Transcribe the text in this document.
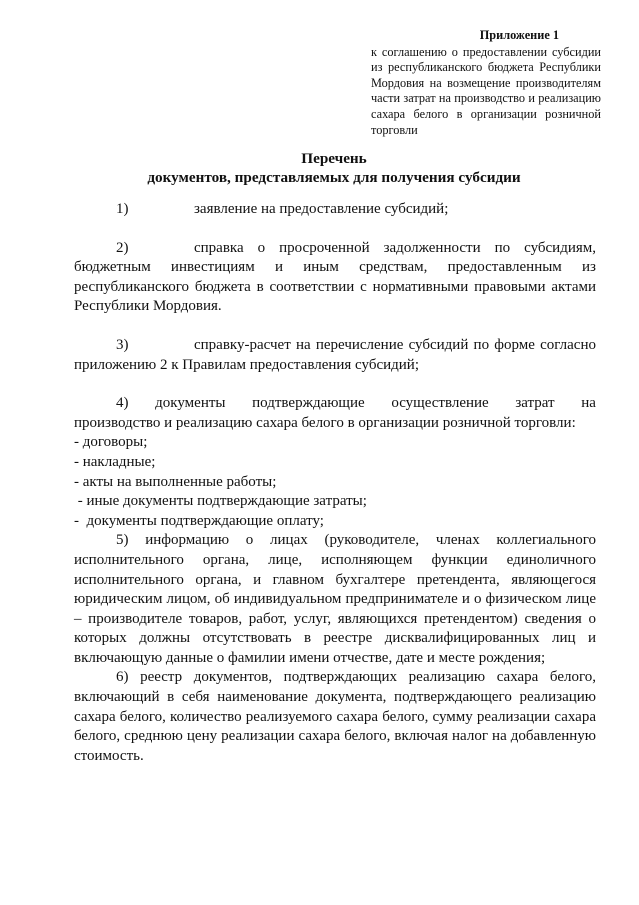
Приложение 1
к соглашению о предоставлении субсидии из республиканского бюджета Республики Мордовия на возмещение производителям части затрат на производство и реализацию сахара белого в организации розничной торговли
Перечень
документов, представляемых для получения субсидии

1)	заявление на предоставление субсидий;

2)	справка о просроченной задолженности по субсидиям, бюджетным инвестициям и иным средствам, предоставленным из республиканского бюджета в соответствии с нормативными правовыми актами Республики Мордовия.

3)	справку-расчет на перечисление субсидий по форме согласно приложению 2 к Правилам предоставления субсидий;

4) документы подтверждающие осуществление затрат на

производство и реализацию сахара белого в организации розничной торговли:

- договоры;

- накладные;

- акты на выполненные работы;

- иные документы подтверждающие затраты;

-  документы подтверждающие оплату;

5) информацию о лицах (руководителе, членах коллегиального исполнительного органа, лице, исполняющем функции единоличного исполнительного органа, и главном бухгалтере претендента, являющегося юридическим лицом, об индивидуальном предпринимателе и о физическом лице – производителе товаров, работ, услуг, являющихся претендентом) сведения о которых должны отсутствовать в реестре дисквалифицированных лиц и включающую данные о фамилии имени отчестве, дате и месте рождения;

6) реестр документов, подтверждающих реализацию сахара белого, включающий в себя наименование документа, подтверждающего реализацию сахара белого, количество реализуемого сахара белого, сумму реализации сахара белого, среднюю цену реализации сахара белого, включая налог на добавленную стоимость.
